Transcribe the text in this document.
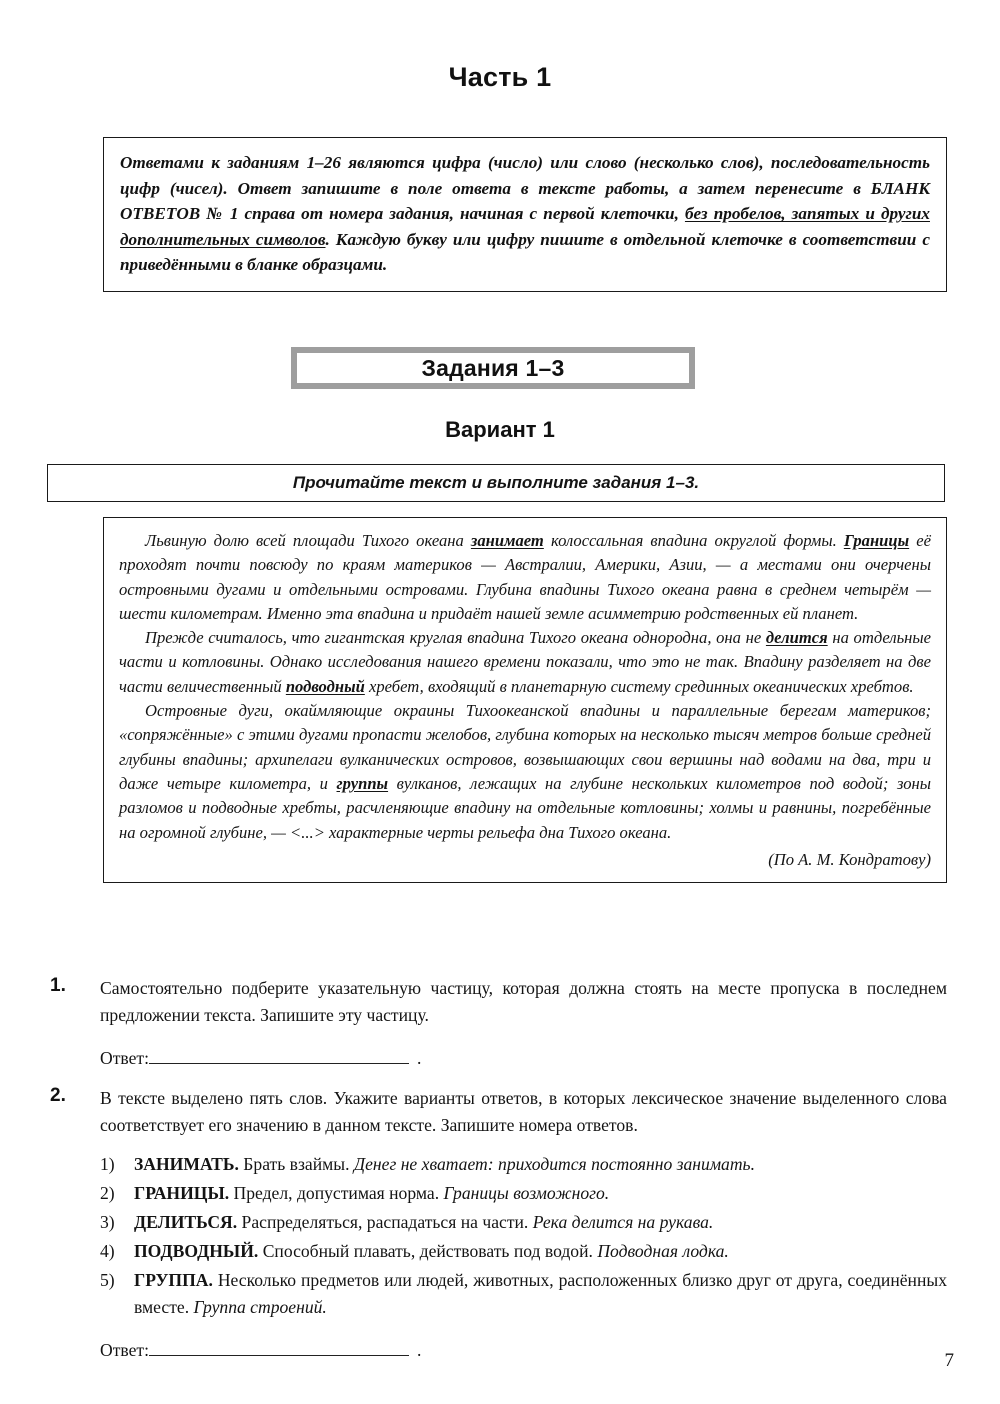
Часть 1

Ответами к заданиям 1–26 являются цифра (число) или слово (несколько слов), последовательность цифр (чисел). Ответ запишите в поле ответа в тексте работы, а затем перенесите в БЛАНК ОТВЕТОВ № 1 справа от номера задания, начиная с первой клеточки, без пробелов, запятых и других дополнительных символов. Каждую букву или цифру пишите в отдельной клеточке в соответствии с приведёнными в бланке образцами.

Задания 1–3
Вариант 1
Прочитайте текст и выполните задания 1–3.

Львиную долю всей площади Тихого океана занимает колоссальная впадина округлой формы. Границы её проходят почти повсюду по краям материков — Австралии, Америки, Азии, — а местами они очерчены островными дугами и отдельными островами. Глубина впадины Тихого океана равна в среднем четырём — шести километрам. Именно эта впадина и придаёт нашей земле асимметрию родственных ей планет.

Прежде считалось, что гигантская круглая впадина Тихого океана однородна, она не делится на отдельные части и котловины. Однако исследования нашего времени показали, что это не так. Впадину разделяет на две части величественный подводный хребет, входящий в планетарную систему срединных океанических хребтов.

Островные дуги, окаймляющие окраины Тихоокеанской впадины и параллельные берегам материков; «сопряжённые» с этими дугами пропасти желобов, глубина которых на несколько тысяч метров больше средней глубины впадины; архипелаги вулканических островов, возвышающих свои вершины над водами на два, три и даже четыре километра, и группы вулканов, лежащих на глубине нескольких километров под водой; зоны разломов и подводные хребты, расчленяющие впадину на отдельные котловины; холмы и равнины, погребённые на огромной глубине, — <...> характерные черты рельефа дна Тихого океана.

(По А. М. Кондратову)

1.	Самостоятельно подберите указательную частицу, которая должна стоять на месте пропуска в последнем предложении текста. Запишите эту частицу.

Ответ:	.
2.	В тексте выделено пять слов. Укажите варианты ответов, в которых лексическое значение выделенного слова соответствует его значению в данном тексте. Запишите номера ответов.

1)	ЗАНИМАТЬ. Брать взаймы. Денег не хватает: приходится постоянно занимать.
2)	ГРАНИЦЫ. Предел, допустимая норма. Границы возможного.
3)	ДЕЛИТЬСЯ. Распределяться, распадаться на части. Река делится на рукава.
4)	ПОДВОДНЫЙ. Способный плавать, действовать под водой. Подводная лодка.
5)	ГРУППА. Несколько предметов или людей, животных, расположенных близко друг от друга, соединённых вместе. Группа строений.
Ответ:	.	7
